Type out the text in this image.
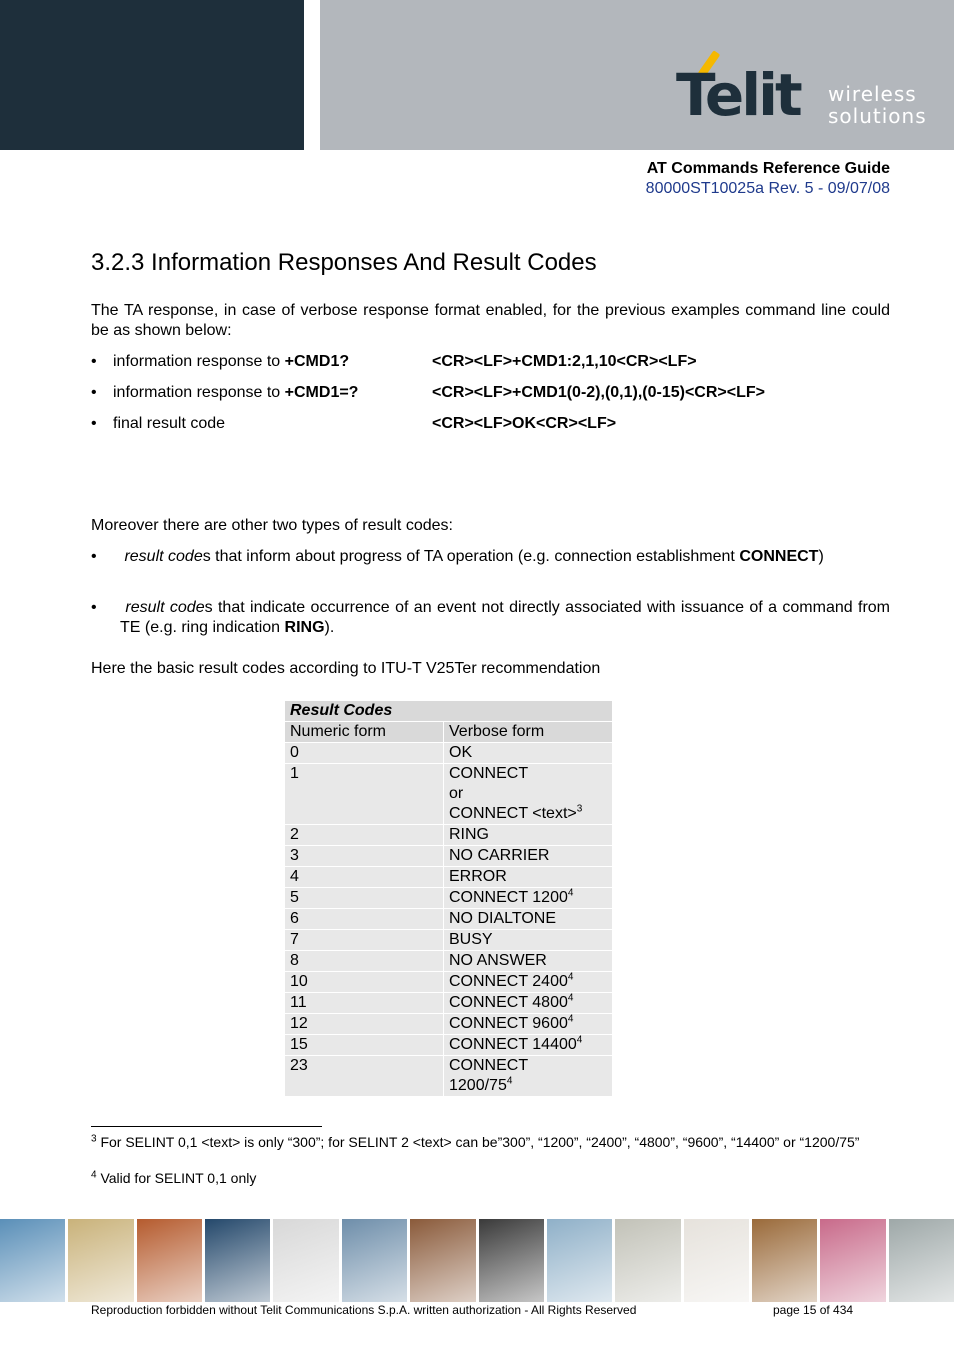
Telit wireless
solutions
AT Commands Reference Guide
80000ST10025a Rev. 5 - 09/07/08
3.2.3 Information Responses And Result Codes

The TA response, in case of verbose response format enabled, for the previous examples command line could be as shown below:

• information response to +CMD1?	<CR><LF>+CMD1:2,1,10<CR><LF>
• information response to +CMD1=?	<CR><LF>+CMD1(0-2),(0,1),(0-15)<CR><LF>
• final result code	<CR><LF>OK<CR><LF>

Moreover there are other two types of result codes:

• result codes that inform about progress of TA operation (e.g. connection establishment CONNECT)
•	result codes that indicate occurrence of an event not directly associated with issuance of a command from TE (e.g. ring indication RING).

Here the basic result codes according to ITU-T V25Ter recommendation

Result Codes	
Numeric form	Verbose form
0	OK

1	CONNECT
or
CONNECT <text>$^3$

2	RING

3	NO CARRIER

4	ERROR

5	CONNECT 1200$^4$

6	NO DIALTONE

7	BUSY

8	NO ANSWER

10	CONNECT 2400$^4$

11	CONNECT 4800$^4$

12	CONNECT 9600$^4$

15	CONNECT 14400$^4$

23	CONNECT
$1200/75^4$
$^3$ For SELINT 0,1 <text> is only “300”; for SELINT 2 <text> can be”300”, “1200”, “2400”, “4800”, “9600”, “14400” or “1200/75”
$^4$ Valid for SELINT 0,1 only
Reproduction forbidden without Telit Communications S.p.A. written authorization - All Rights Reserved	page 15 of 434
